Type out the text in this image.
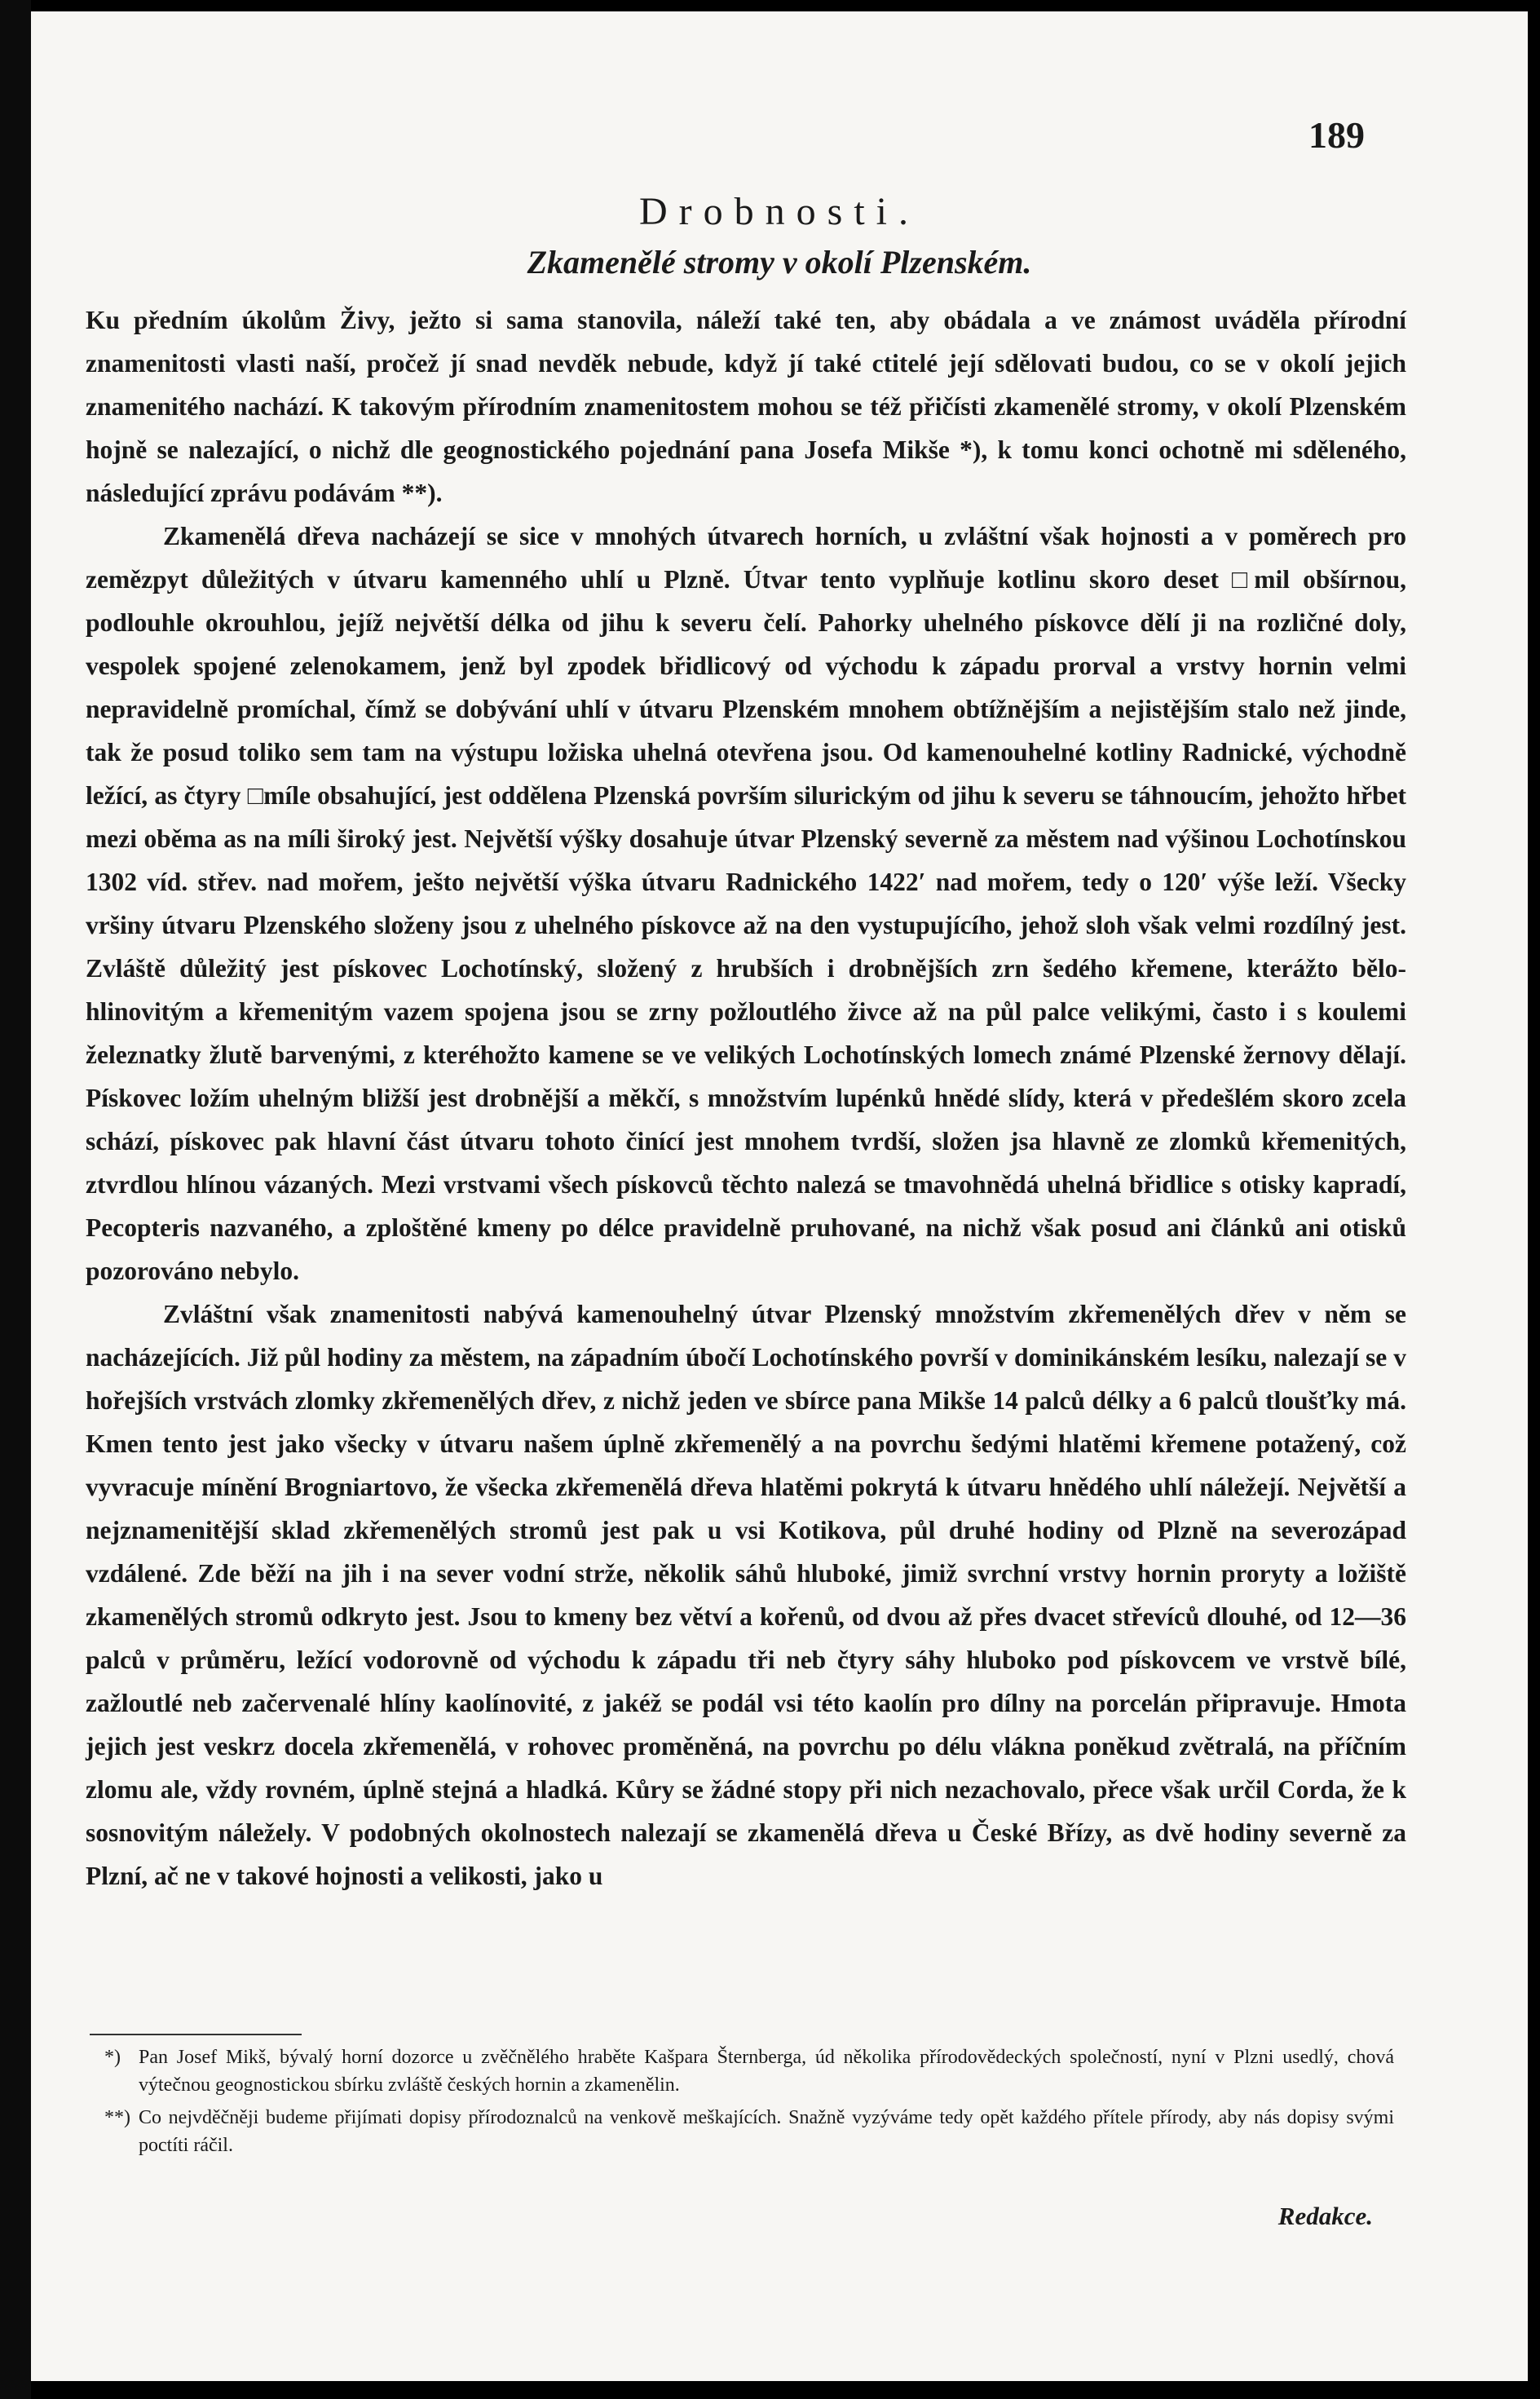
189
Drobnosti.
Zkamenělé stromy v okolí Plzenském.

Ku předním úkolům Živy, ježto si sama stanovila, náleží také ten, aby obádala a ve známost uváděla přírodní znamenitosti vlasti naší, pročež jí snad nevděk nebude, když jí také ctitelé její sdělovati budou, co se v okolí jejich znamenitého nachází. K takovým přírodním znamenitostem mohou se též přičísti zkamenělé stromy, v okolí Plzenském hojně se nalezající, o nichž dle geognostického pojednání pana Josefa Mikše *), k tomu konci ochotně mi sděleného, následující zprávu podávám **).

Zkamenělá dřeva nacházejí se sice v mnohých útvarech horních, u zvláštní však hojnosti a v poměrech pro zemězpyt důležitých v útvaru kamenného uhlí u Plzně. Útvar tento vyplňuje kotlinu skoro deset □mil obšírnou, podlouhle okrouhlou, jejíž největší délka od jihu k severu čelí. Pahorky uhelného pískovce dělí ji na rozličné doly, vespolek spojené zelenokamem, jenž byl zpodek břidlicový od východu k západu prorval a vrstvy hornin velmi nepravidelně promíchal, čímž se dobývání uhlí v útvaru Plzenském mnohem obtížnějším a nejistějším stalo než jinde, tak že posud toliko sem tam na výstupu ložiska uhelná otevřena jsou. Od kamenouhelné kotliny Radnické, východně ležící, as čtyry □míle obsahující, jest oddělena Plzenská površím silurickým od jihu k severu se táhnoucím, jehožto hřbet mezi oběma as na míli široký jest. Největší výšky dosahuje útvar Plzenský severně za městem nad výšinou Lochotínskou 1302 víd. střev. nad mořem, ješto největší výška útvaru Radnického 1422′ nad mořem, tedy o 120′ výše leží. Všecky vršiny útvaru Plzenského složeny jsou z uhelného pískovce až na den vystupujícího, jehož sloh však velmi rozdílný jest. Zvláště důležitý jest pískovec Lochotínský, složený z hrubších i drobnějších zrn šedého křemene, kterážto bělo-hlinovitým a křemenitým vazem spojena jsou se zrny požloutlého živce až na půl palce velikými, často i s koulemi železnatky žlutě barvenými, z kteréhožto kamene se ve velikých Lochotínských lomech známé Plzenské žernovy dělají. Pískovec ložím uhelným bližší jest drobnější a měkčí, s množstvím lupénků hnědé slídy, která v předešlém skoro zcela schází, pískovec pak hlavní část útvaru tohoto činící jest mnohem tvrdší, složen jsa hlavně ze zlomků křemenitých, ztvrdlou hlínou vázaných. Mezi vrstvami všech pískovců těchto nalezá se tmavohnědá uhelná břidlice s otisky kapradí, Pecopteris nazvaného, a zploštěné kmeny po délce pravidelně pruhované, na nichž však posud ani článků ani otisků pozorováno nebylo.

Zvláštní však znamenitosti nabývá kamenouhelný útvar Plzenský množstvím zkřemenělých dřev v něm se nacházejících. Již půl hodiny za městem, na západním úbočí Lochotínského površí v dominikánském lesíku, nalezají se v hořejších vrstvách zlomky zkřemenělých dřev, z nichž jeden ve sbírce pana Mikše 14 palců délky a 6 palců tloušťky má. Kmen tento jest jako všecky v útvaru našem úplně zkřemenělý a na povrchu šedými hlatěmi křemene potažený, což vyvracuje mínění Brogniartovo, že všecka zkřemenělá dřeva hlatěmi pokrytá k útvaru hnědého uhlí náležejí. Největší a nejznamenitější sklad zkřemenělých stromů jest pak u vsi Kotikova, půl druhé hodiny od Plzně na severozápad vzdálené. Zde běží na jih i na sever vodní strže, několik sáhů hluboké, jimiž svrchní vrstvy hornin proryty a ložiště zkamenělých stromů odkryto jest. Jsou to kmeny bez větví a kořenů, od dvou až přes dvacet střevíců dlouhé, od 12—36 palců v průměru, ležící vodorovně od východu k západu tři neb čtyry sáhy hluboko pod pískovcem ve vrstvě bílé, zažloutlé neb začervenalé hlíny kaolínovité, z jakéž se podál vsi této kaolín pro dílny na porcelán připravuje. Hmota jejich jest veskrz docela zkřemenělá, v rohovec proměněná, na povrchu po délu vlákna poněkud zvětralá, na příčním zlomu ale, vždy rovném, úplně stejná a hladká. Kůry se žádné stopy při nich nezachovalo, přece však určil Corda, že k sosnovitým náležely. V podobných okolnostech nalezají se zkamenělá dřeva u České Břízy, as dvě hodiny severně za Plzní, ač ne v takové hojnosti a velikosti, jako u

*) Pan Josef Mikš, bývalý horní dozorce u zvěčnělého hraběte Kašpara Šternberga, úd několika přírodovědeckých společností, nyní v Plzni usedlý, chová výtečnou geognostickou sbírku zvláště českých hornin a zkamenělin.
**) Co nejvděčněji budeme přijímati dopisy přírodoznalců na venkově meškajících. Snažně vyzýváme tedy opět každého přítele přírody, aby nás dopisy svými poctíti ráčil.
Redakce.
